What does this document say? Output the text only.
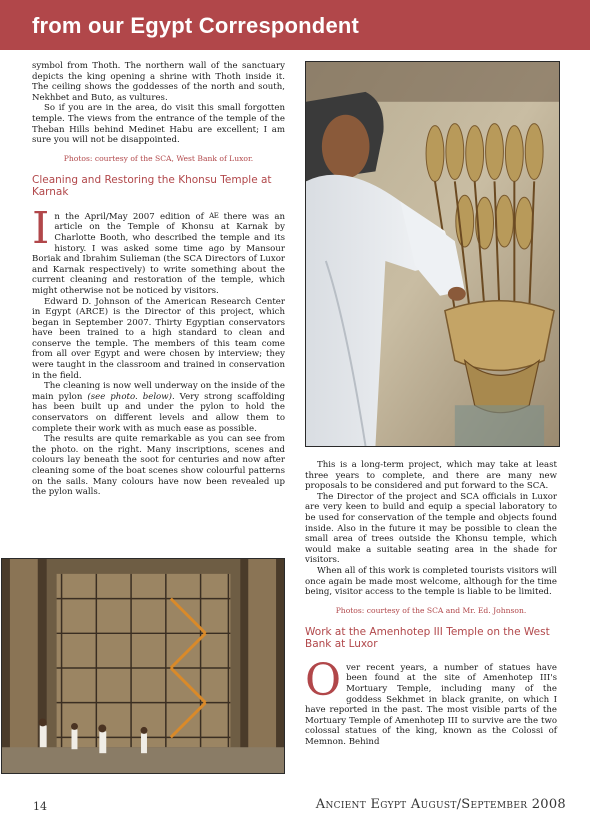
from our Egypt Correspondent

symbol from Thoth. The northern wall of the sanctuary depicts the king opening a shrine with Thoth inside it. The ceiling shows the goddesses of the north and south, Nekhbet and Buto, as vultures.

So if you are in the area, do visit this small forgotten temple. The views from the entrance of the temple of the Theban Hills behind Medinet Habu are excellent; I am sure you will not be disappointed.

Photos: courtesy of the SCA, West Bank of Luxor.
Cleaning and Restoring the Khonsu Temple at Karnak

In the April/May 2007 edition of AE there was an article on the Temple of Khonsu at Karnak by Charlotte Booth, who described the temple and its history. I was asked some time ago by Mansour Boriak and Ibrahim Sulieman (the SCA Directors of Luxor and Karnak respectively) to write something about the current cleaning and restoration of the temple, which might otherwise not be noticed by visitors.

Edward D. Johnson of the American Research Center in Egypt (ARCE) is the Director of this project, which began in September 2007. Thirty Egyptian conservators have been trained to a high standard to clean and conserve the temple. The members of this team come from all over Egypt and were chosen by interview; they were taught in the classroom and trained in conservation in the field.

The cleaning is now well underway on the inside of the main pylon (see photo. below). Very strong scaffolding has been built up and under the pylon to hold the conservators on different levels and allow them to complete their work with as much ease as possible.

The results are quite remarkable as you can see from the photo. on the right. Many inscriptions, scenes and colours lay beneath the soot for centuries and now after cleaning some of the boat scenes show colourful patterns on the sails. Many colours have now been revealed up the pylon walls.

This is a long-term project, which may take at least three years to complete, and there are many new proposals to be considered and put forward to the SCA.

The Director of the project and SCA officials in Luxor are very keen to build and equip a special laboratory to be used for conservation of the temple and objects found inside. Also in the future it may be possible to clean the small area of trees outside the Khonsu temple, which would make a suitable seating area in the shade for visitors.

When all of this work is completed tourists visitors will once again be made most welcome, although for the time being, visitor access to the temple is liable to be limited.

Photos: courtesy of the SCA and Mr. Ed. Johnson.
Work at the Amenhotep III Temple on the West Bank at Luxor

Over recent years, a number of statues have been found at the site of Amenhotep III's Mortuary Temple, including many of the goddess Sekhmet in black granite, on which I have reported in the past. The most visible parts of the Mortuary Temple of Amenhotep III to survive are the two colossal statues of the king, known as the Colossi of Memnon. Behind

14	Ancient Egypt August/September 2008
